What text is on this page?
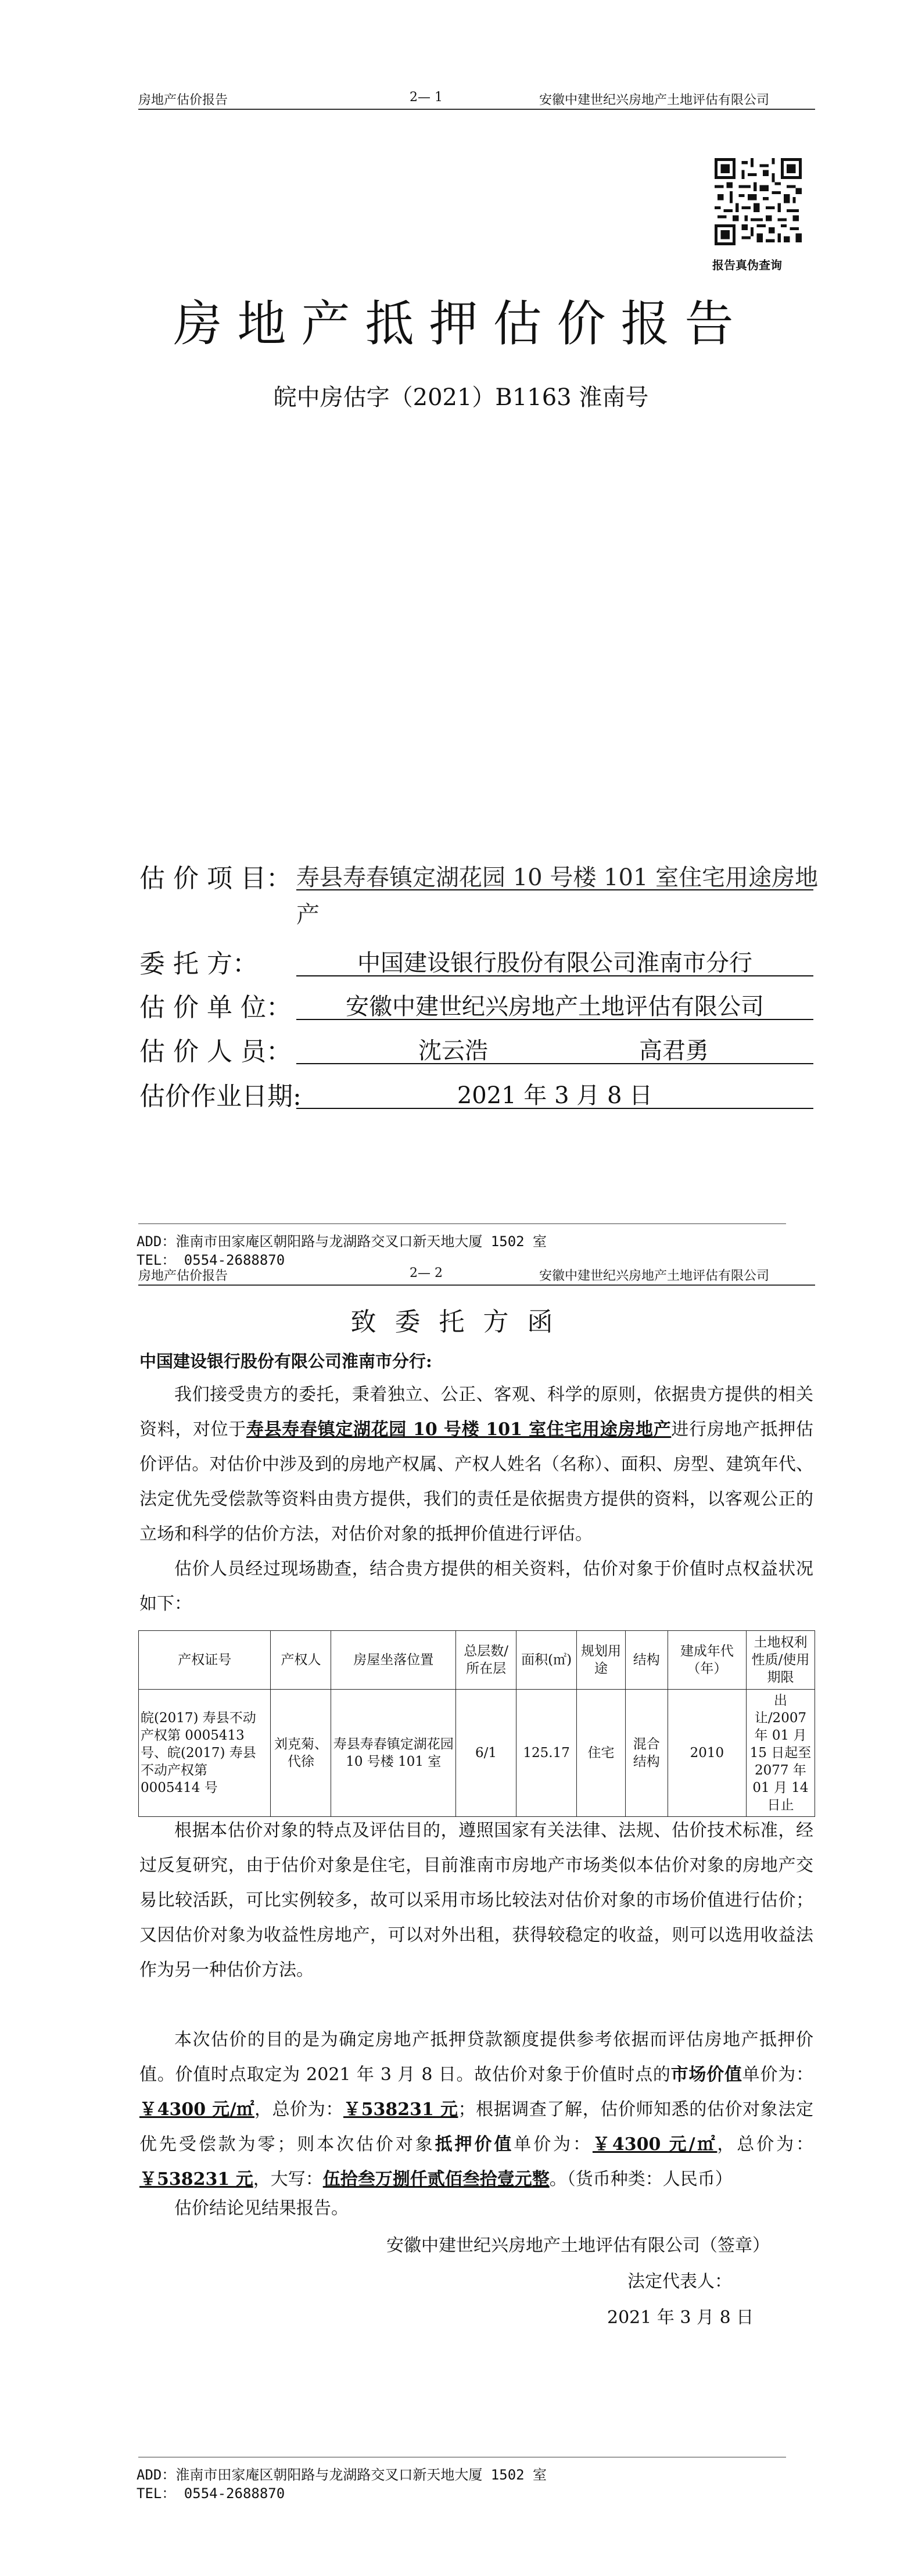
房地产估价报告	2— 1	安徽中建世纪兴房地产土地评估有限公司
报告真伪查询
房地产抵押估价报告
皖中房估字（2021）B1163 淮南号
估 价 项 目： 寿县寿春镇定湖花园 10 号楼 101 室住宅用途房地
产
委 托 方：	中国建设银行股份有限公司淮南市分行
估 价 单 位：	安徽中建世纪兴房地产土地评估有限公司
估 价 人 员：	沈云浩	高君勇
估价作业日期:	2021 年 3 月 8 日
ADD：淮南市田家庵区朝阳路与龙湖路交叉口新天地大厦 1502 室
TEL： 0554-2688870
房地产估价报告	2— 2	安徽中建世纪兴房地产土地评估有限公司
致委托方函
中国建设银行股份有限公司淮南市分行:
我们接受贵方的委托，秉着独立、公正、客观、科学的原则，依据贵方提供的相关资料，对位于寿县寿春镇定湖花园 10 号楼 101 室住宅用途房地产进行房地产抵押估价评估。对估价中涉及到的房地产权属、产权人姓名（名称）、面积、房型、建筑年代、法定优先受偿款等资料由贵方提供，我们的责任是依据贵方提供的资料，以客观公正的立场和科学的估价方法，对估价对象的抵押价值进行评估。
估价人员经过现场勘查，结合贵方提供的相关资料，估价对象于价值时点权益状况如下：
产权证号	产权人	房屋坐落位置	总层数/所在层	面积(㎡)	规划用途	结构	建成年代（年）	土地权利性质/使用期限
皖(2017) 寿县不动产权第 0005413 号、皖(2017) 寿县不动产权第 0005414 号	刘克菊、代徐	寿县寿春镇定湖花园 10 号楼 101 室	6/1	125.17	住宅	混合结构	2010	出让/2007 年 01 月 15 日起至 2077 年 01 月 14 日止
根据本估价对象的特点及评估目的，遵照国家有关法律、法规、估价技术标准，经过反复研究，由于估价对象是住宅，目前淮南市房地产市场类似本估价对象的房地产交易比较活跃，可比实例较多，故可以采用市场比较法对估价对象的市场价值进行估价；又因估价对象为收益性房地产，可以对外出租，获得较稳定的收益，则可以选用收益法作为另一种估价方法。
本次估价的目的是为确定房地产抵押贷款额度提供参考依据而评估房地产抵押价值。价值时点取定为 2021 年 3 月 8 日。故估价对象于价值时点的市场价值单价为：￥4300 元/㎡，总价为：￥538231 元；根据调查了解，估价师知悉的估价对象法定优先受偿款为零；则本次估价对象抵押价值单价为：￥4300 元/㎡，总价为：￥538231 元，大写：伍拾叁万捌仟贰佰叁拾壹元整。（货币种类：人民币）
估价结论见结果报告。
安徽中建世纪兴房地产土地评估有限公司（签章）
法定代表人：
2021 年 3 月 8 日
ADD：淮南市田家庵区朝阳路与龙湖路交叉口新天地大厦 1502 室
TEL： 0554-2688870
